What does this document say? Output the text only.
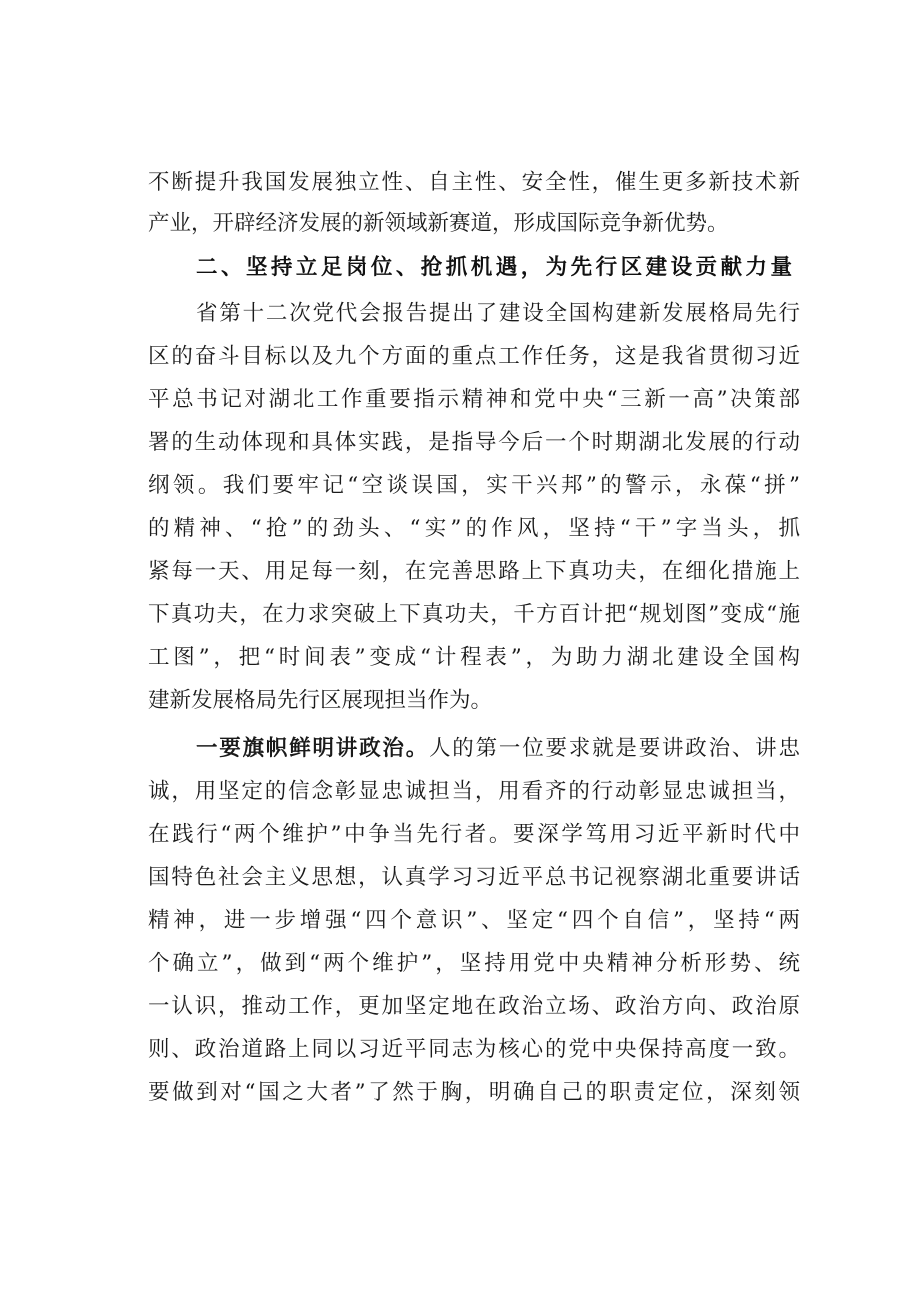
不断提升我国发展独立性、自主性、安全性，催生更多新技术新
产业，开辟经济发展的新领域新赛道，形成国际竞争新优势。
二、坚持立足岗位、抢抓机遇，为先行区建设贡献力量
省第十二次党代会报告提出了建设全国构建新发展格局先行
区的奋斗目标以及九个方面的重点工作任务，这是我省贯彻习近
平总书记对湖北工作重要指示精神和党中央“三新一高”决策部
署的生动体现和具体实践，是指导今后一个时期湖北发展的行动
纲领。我们要牢记“空谈误国，实干兴邦”的警示，永葆“拼”
的精神、“抢”的劲头、“实”的作风，坚持“干”字当头，抓
紧每一天、用足每一刻，在完善思路上下真功夫，在细化措施上
下真功夫，在力求突破上下真功夫，千方百计把“规划图”变成“施
工图”，把“时间表”变成“计程表”，为助力湖北建设全国构
建新发展格局先行区展现担当作为。
一要旗帜鲜明讲政治。人的第一位要求就是要讲政治、讲忠
诚，用坚定的信念彰显忠诚担当，用看齐的行动彰显忠诚担当，
在践行“两个维护”中争当先行者。要深学笃用习近平新时代中
国特色社会主义思想，认真学习习近平总书记视察湖北重要讲话
精神，进一步增强“四个意识”、坚定“四个自信”，坚持“两
个确立”，做到“两个维护”，坚持用党中央精神分析形势、统
一认识，推动工作，更加坚定地在政治立场、政治方向、政治原
则、政治道路上同以习近平同志为核心的党中央保持高度一致。
要做到对“国之大者”了然于胸，明确自己的职责定位，深刻领
